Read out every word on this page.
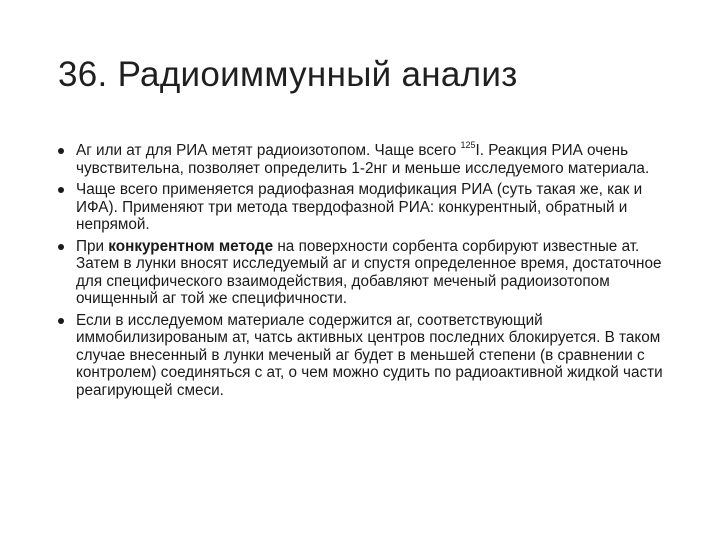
36. Радиоиммунный анализ
Аг или ат для РИА метят радиоизотопом. Чаще всего $^{125}$I. Реакция РИА очень чувствительна, позволяет определить 1-2нг и меньше исследуемого материала.
Чаще всего применяется радиофазная модификация РИА (суть такая же, как и ИФА). Применяют три метода твердофазной РИА: конкурентный, обратный и непрямой.
При конкурентном методе на поверхности сорбента сорбируют известные ат. Затем в лунки вносят исследуемый аг и спустя определенное время, достаточное для специфического взаимодействия, добавляют меченый радиоизотопом очищенный аг той же специфичности.
Если в исследуемом материале содержится аг, соответствующий иммобилизированым ат, чатсь активных центров последних блокируется. В таком случае внесенный в лунки меченый аг будет в меньшей степени (в сравнении с контролем) соединяться с ат, о чем можно судить по радиоактивной жидкой части реагирующей смеси.
